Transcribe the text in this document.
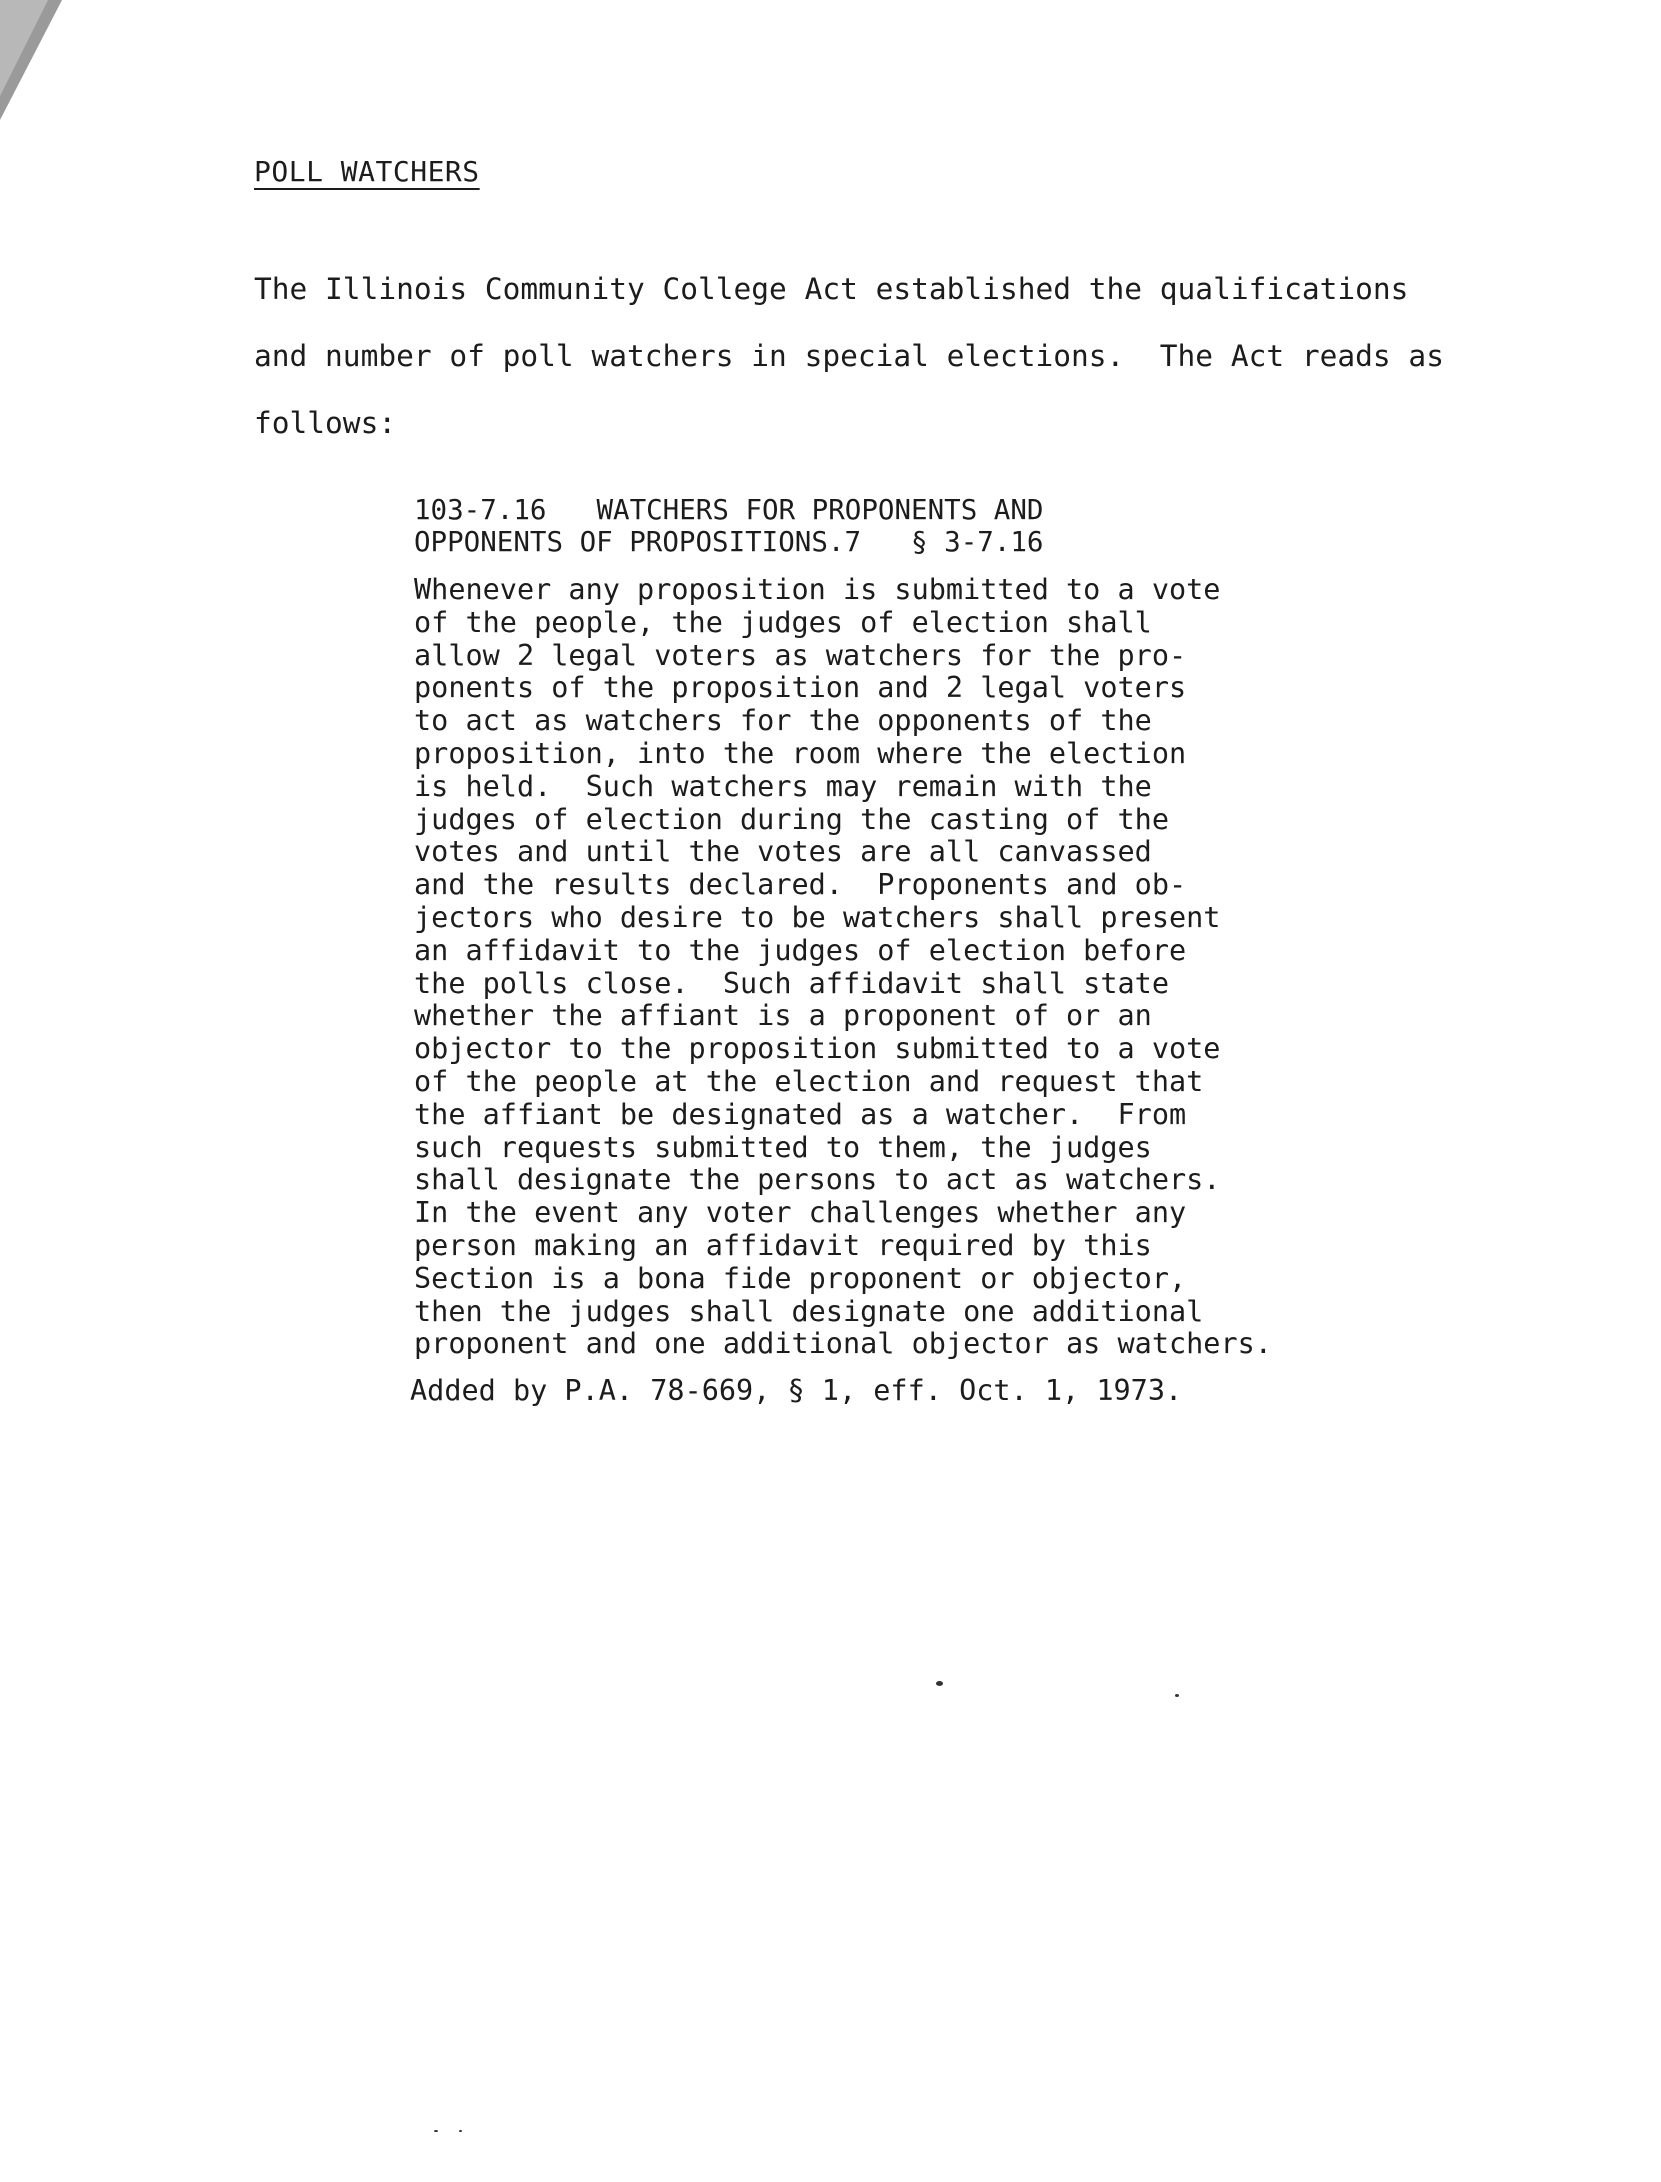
POLL WATCHERS
The Illinois Community College Act established the qualifications
and number of poll watchers in special elections.  The Act reads as
follows:
103-7.16 WATCHERS FOR PROPONENTS AND
OPPONENTS OF PROPOSITIONS.7 § 3-7.16
Whenever any proposition is submitted to a vote
of the people, the judges of election shall
allow 2 legal voters as watchers for the pro-
ponents of the proposition and 2 legal voters
to act as watchers for the opponents of the
proposition, into the room where the election
is held.  Such watchers may remain with the
judges of election during the casting of the
votes and until the votes are all canvassed
and the results declared.  Proponents and ob-
jectors who desire to be watchers shall present
an affidavit to the judges of election before
the polls close.  Such affidavit shall state
whether the affiant is a proponent of or an
objector to the proposition submitted to a vote
of the people at the election and request that
the affiant be designated as a watcher.  From
such requests submitted to them, the judges
shall designate the persons to act as watchers.
In the event any voter challenges whether any
person making an affidavit required by this
Section is a bona fide proponent or objector,
then the judges shall designate one additional
proponent and one additional objector as watchers.

Added by P.A. 78-669, § 1, eff. Oct. 1, 1973.
